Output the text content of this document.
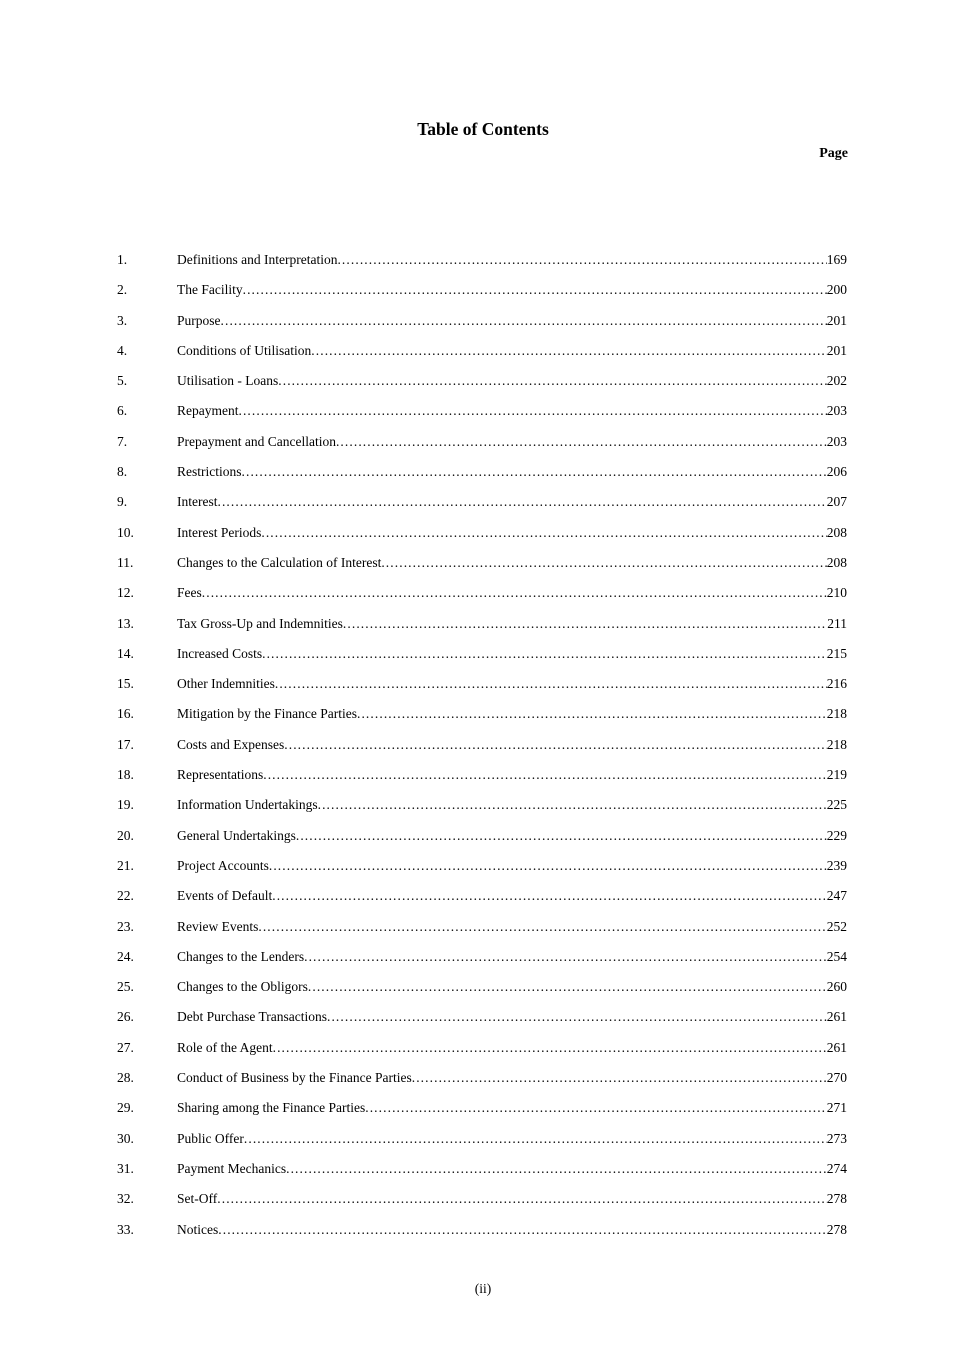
Table of Contents
Page
1.	Definitions and Interpretation .....	169
2.	The Facility .....	200
3.	Purpose .....	201
4.	Conditions of Utilisation .....	201
5.	Utilisation - Loans .....	202
6.	Repayment .....	203
7.	Prepayment and Cancellation .....	203
8.	Restrictions .....	206
9.	Interest .....	207
10.	Interest Periods .....	208
11.	Changes to the Calculation of Interest .....	208
12.	Fees .....	210
13.	Tax Gross-Up and Indemnities .....	211
14.	Increased Costs .....	215
15.	Other Indemnities .....	216
16.	Mitigation by the Finance Parties .....	218
17.	Costs and Expenses .....	218
18.	Representations .....	219
19.	Information Undertakings .....	225
20.	General Undertakings .....	229
21.	Project Accounts .....	239
22.	Events of Default .....	247
23.	Review Events .....	252
24.	Changes to the Lenders .....	254
25.	Changes to the Obligors .....	260
26.	Debt Purchase Transactions .....	261
27.	Role of the Agent .....	261
28.	Conduct of Business by the Finance Parties .....	270
29.	Sharing among the Finance Parties .....	271
30.	Public Offer .....	273
31.	Payment Mechanics .....	274
32.	Set-Off .....	278
33.	Notices .....	278
(ii)
